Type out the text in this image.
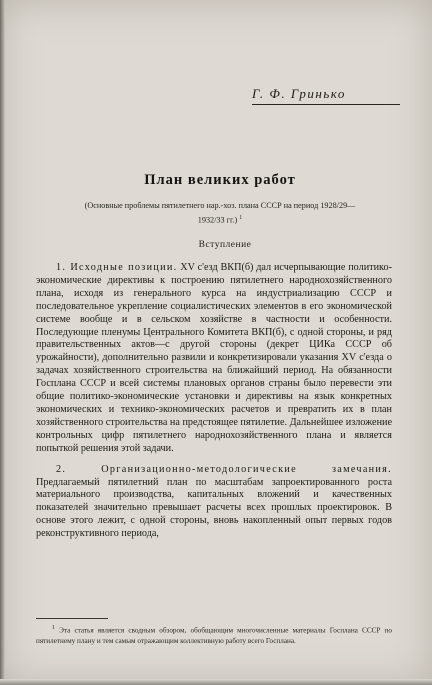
Г. Ф. Гринько
План великих работ
(Основные проблемы пятилетнего нар.-хоз. плана СССР на период 1928/29—1932/33 гг.) $^1$
Вступление

1. Исходные позиции. XV с'езд ВКП(б) дал исчерпывающие политико-экономические директивы к построению пятилетнего народнохозяйственного плана, исходя из генерального курса на индустриализацию СССР и последовательное укрепление социалистических элементов в его экономической системе вообще и в сельском хозяйстве в частности и особенности. Последующие пленумы Центрального Комитета ВКП(б), с одной стороны, и ряд правительственных актов—с другой стороны (декрет ЦИКа СССР об урожайности), дополнительно развили и конкретизировали указания XV с'езда о задачах хозяйственного строительства на ближайший период. На обязанности Госплана СССР и всей системы плановых органов страны было перевести эти общие политико-экономические установки и директивы на язык конкретных экономических и технико-экономических расчетов и превратить их в план хозяйственного строительства на предстоящее пятилетие. Дальнейшее изложение контрольных цифр пятилетнего народнохозяйственного плана и является попыткой решения этой задачи.

2. Организационно-методологические замечания. Предлагаемый пятилетний план по масштабам запроектированного роста материального производства, капитальных вложений и качественных показателей значительно превышает расчеты всех прошлых проектировок. В основе этого лежит, с одной стороны, вновь накопленный опыт первых годов реконструктивного периода,

$^1$ Эта статья является сводным обзором, обобщающим многочисленные материалы Госплана СССР по пятилетнему плану и тем самым отражающим коллективную работу всего Госплана.
